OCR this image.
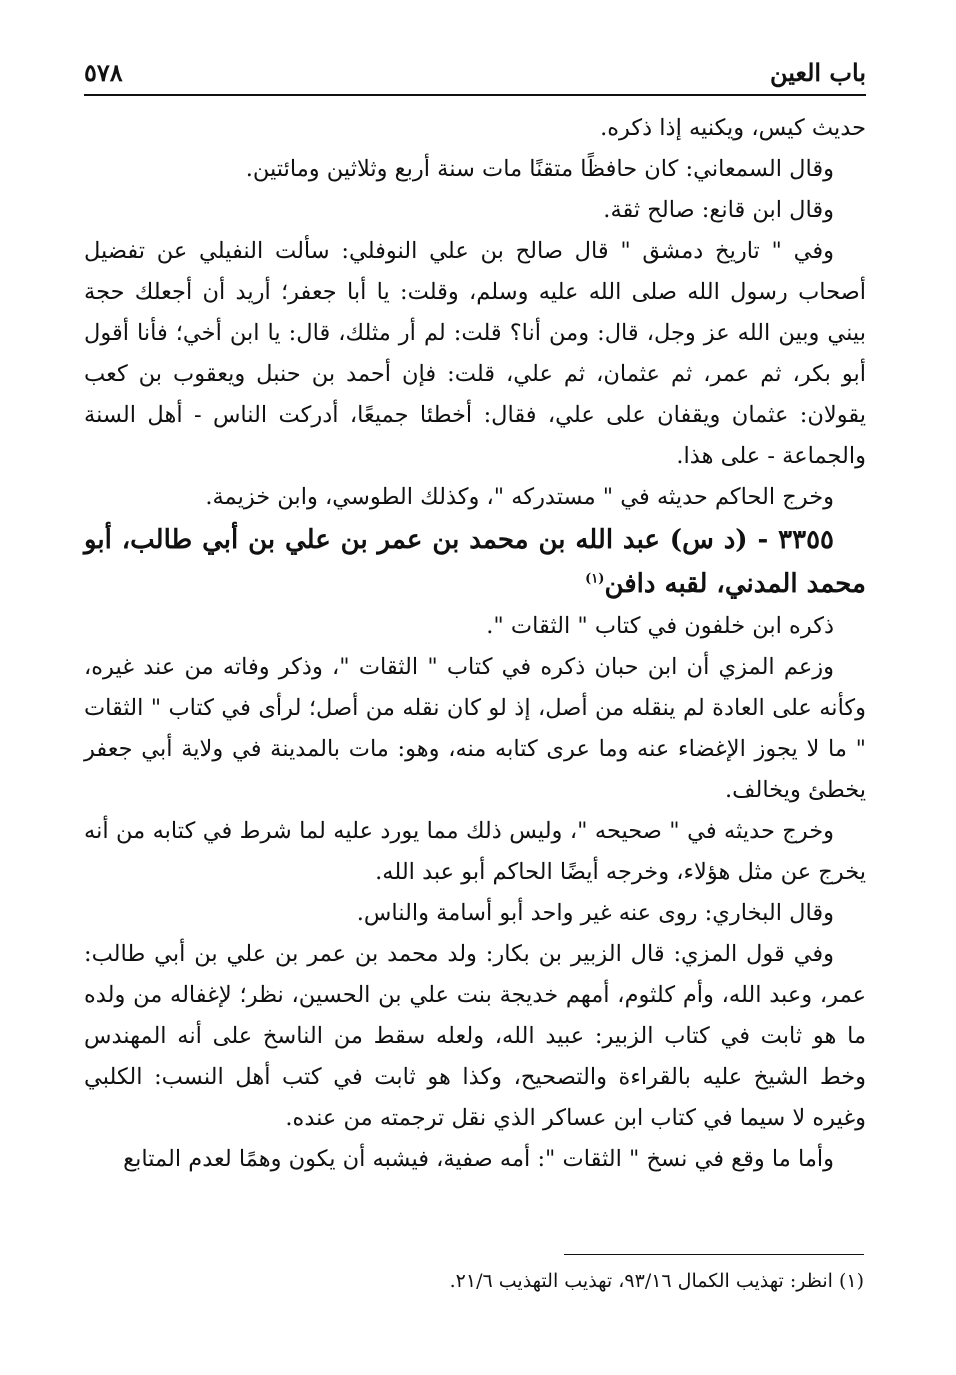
٥٧٨	باب العين

حديث كيس، ويكنيه إذا ذكره.

وقال السمعاني: كان حافظًا متقنًا مات سنة أربع وثلاثين ومائتين.

وقال ابن قانع: صالح ثقة.

وفي " تاريخ دمشق " قال صالح بن علي النوفلي: سألت النفيلي عن تفضيل أصحاب رسول الله صلى الله عليه وسلم، وقلت: يا أبا جعفر؛ أريد أن أجعلك حجة بيني وبين الله عز وجل، قال: ومن أنا؟ قلت: لم أر مثلك، قال: يا ابن أخي؛ فأنا أقول أبو بكر، ثم عمر، ثم عثمان، ثم علي، قلت: فإن أحمد بن حنبل ويعقوب بن كعب يقولان: عثمان ويقفان على علي، فقال: أخطئا جميعًا، أدركت الناس - أهل السنة والجماعة - على هذا.

وخرج الحاكم حديثه في " مستدركه "، وكذلك الطوسي، وابن خزيمة.

٣٣٥٥ - (د س) عبد الله بن محمد بن عمر بن علي بن أبي طالب، أبو محمد المدني، لقبه دافن$^{(١)}$

ذكره ابن خلفون في كتاب " الثقات ".

وزعم المزي أن ابن حبان ذكره في كتاب " الثقات "، وذكر وفاته من عند غيره، وكأنه على العادة لم ينقله من أصل، إذ لو كان نقله من أصل؛ لرأى في كتاب " الثقات " ما لا يجوز الإغضاء عنه وما عرى كتابه منه، وهو: مات بالمدينة في ولاية أبي جعفر يخطئ ويخالف.

وخرج حديثه في " صحيحه "، وليس ذلك مما يورد عليه لما شرط في كتابه من أنه يخرج عن مثل هؤلاء، وخرجه أيضًا الحاكم أبو عبد الله.

وقال البخاري: روى عنه غير واحد أبو أسامة والناس.

وفي قول المزي: قال الزبير بن بكار: ولد محمد بن عمر بن علي بن أبي طالب: عمر، وعبد الله، وأم كلثوم، أمهم خديجة بنت علي بن الحسين، نظر؛ لإغفاله من ولده ما هو ثابت في كتاب الزبير: عبيد الله، ولعله سقط من الناسخ على أنه المهندس وخط الشيخ عليه بالقراءة والتصحيح، وكذا هو ثابت في كتب أهل النسب: الكلبي وغيره لا سيما في كتاب ابن عساكر الذي نقل ترجمته من عنده.

وأما ما وقع في نسخ " الثقات ": أمه صفية، فيشبه أن يكون وهمًا لعدم المتابع

(١) انظر: تهذيب الكمال ٩٣/١٦، تهذيب التهذيب ٢١/٦.
